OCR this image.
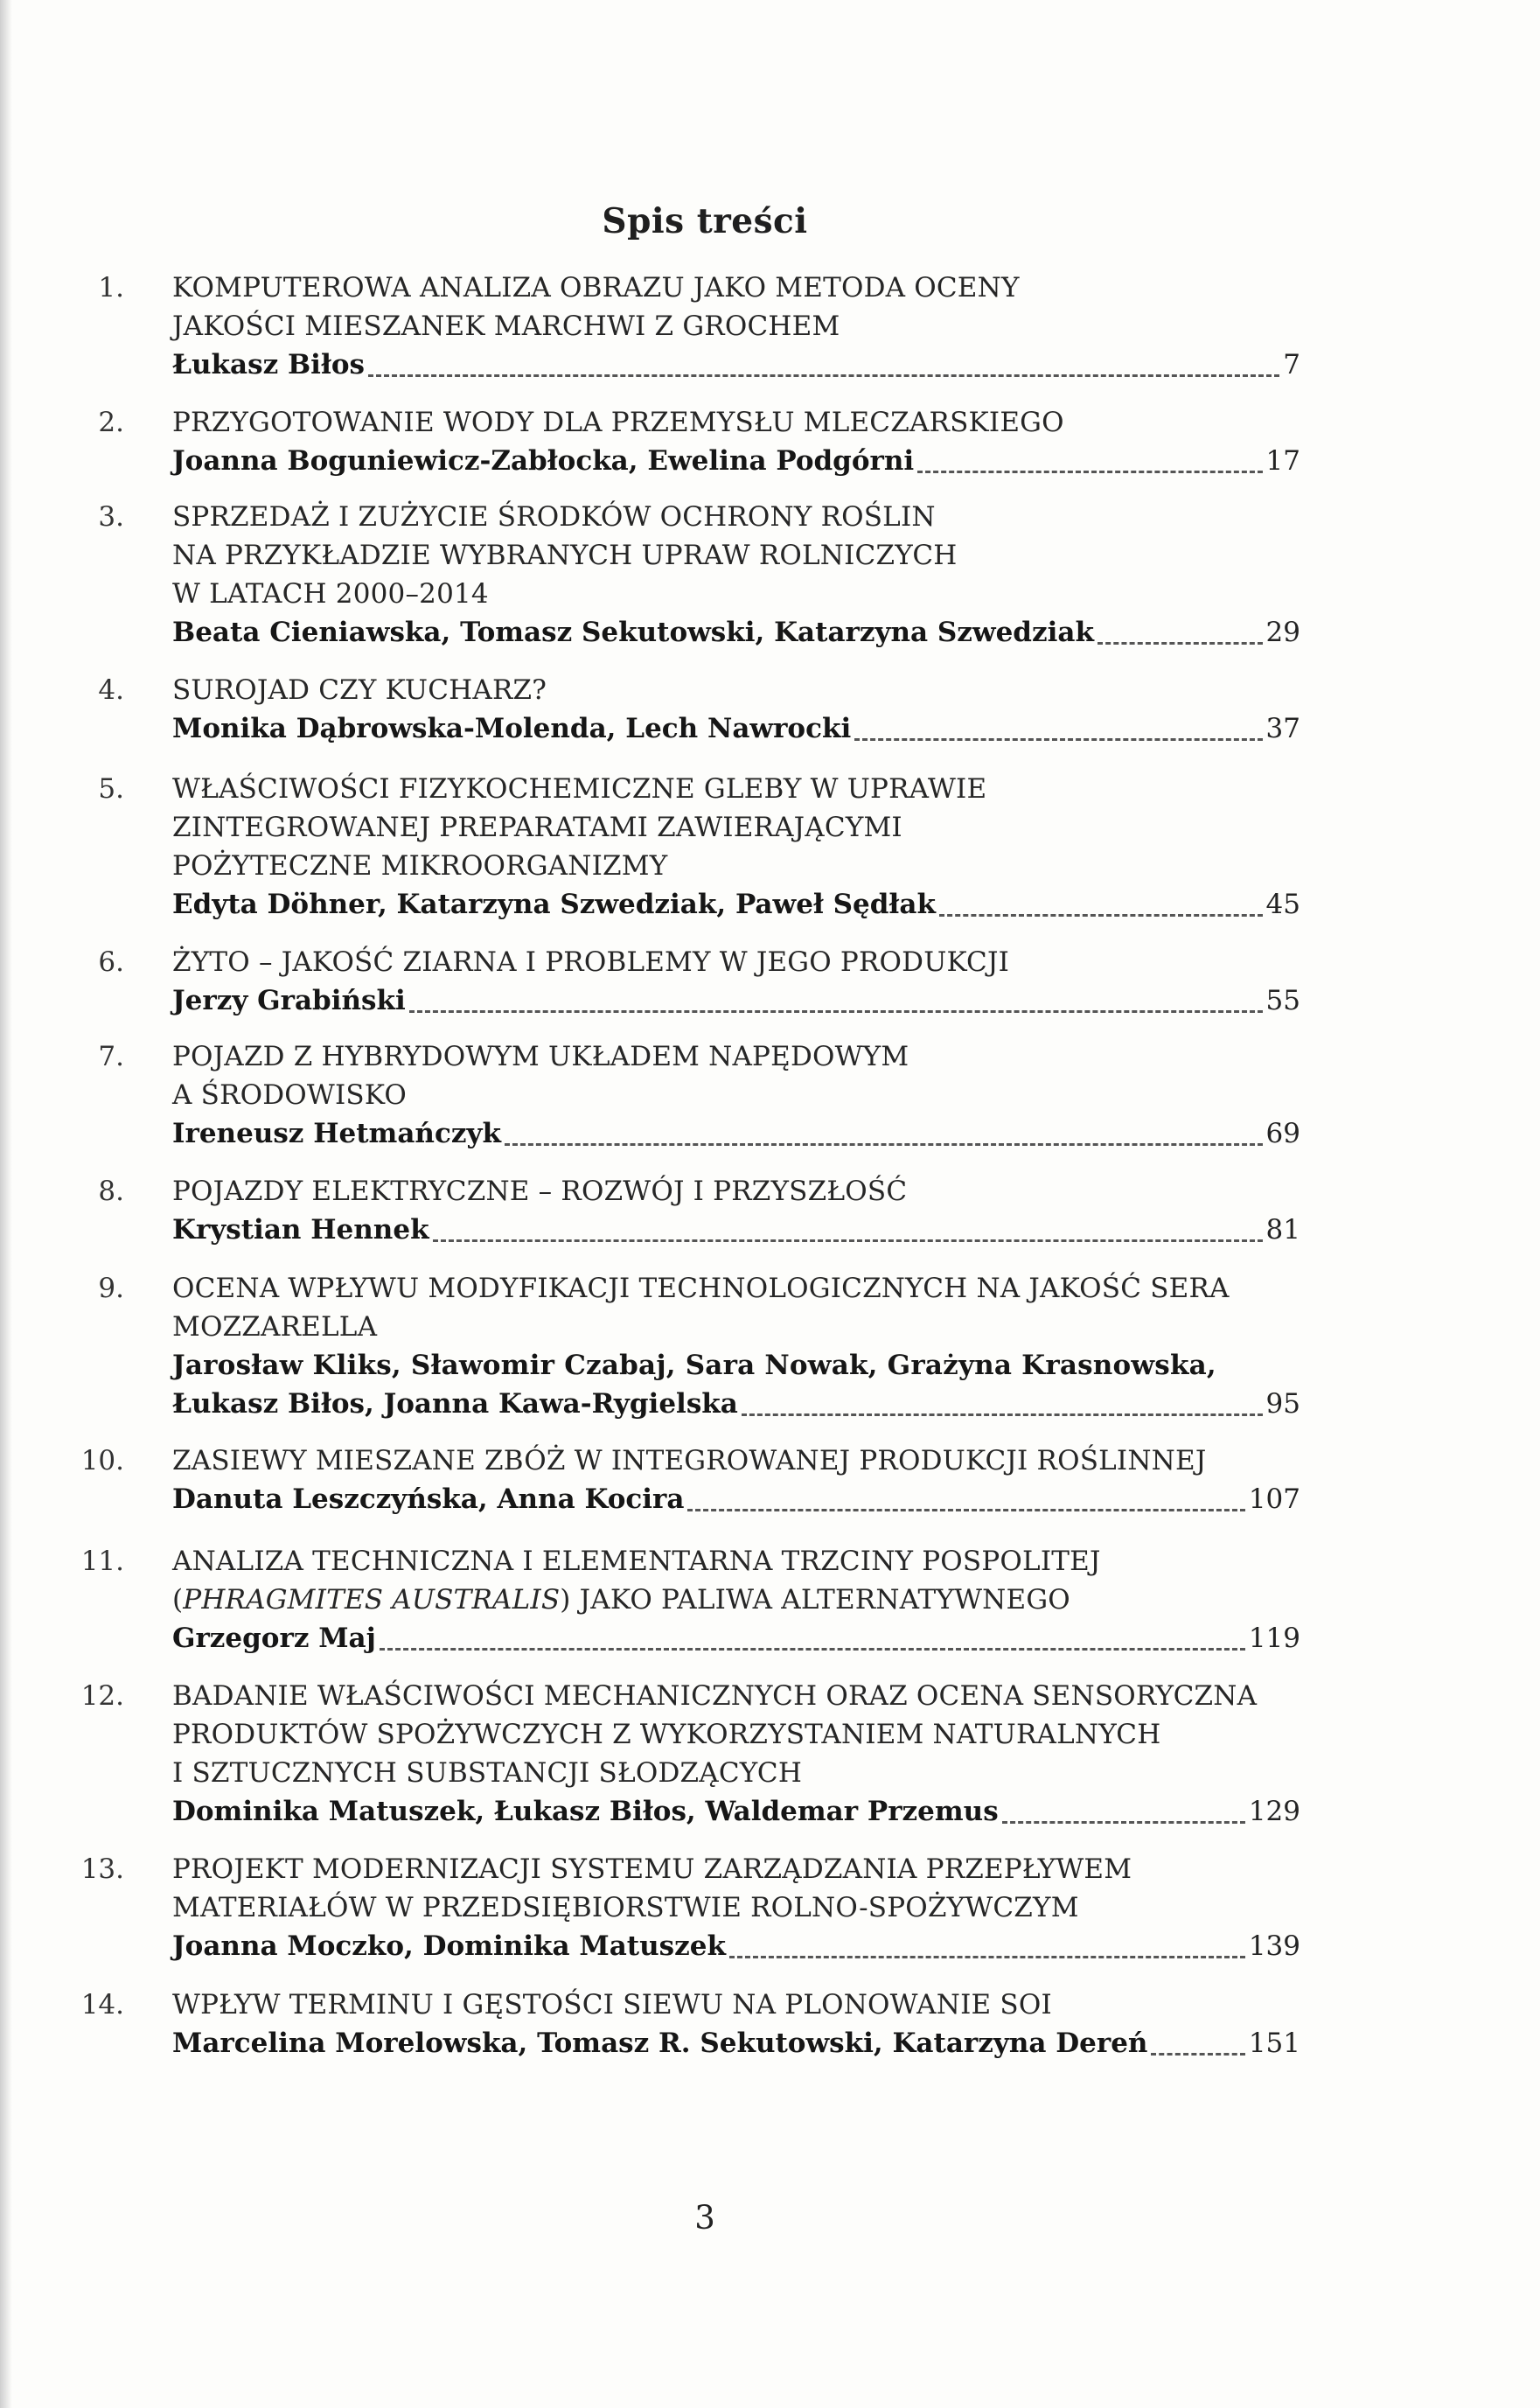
Spis treści
1. KOMPUTEROWA ANALIZA OBRAZU JAKO METODA OCENY
JAKOŚCI MIESZANEK MARCHWI Z GROCHEM
Łukasz Biłos	7
2. PRZYGOTOWANIE WODY DLA PRZEMYSŁU MLECZARSKIEGO
Joanna Boguniewicz-Zabłocka, Ewelina Podgórni	17
3. SPRZEDAŻ I ZUŻYCIE ŚRODKÓW OCHRONY ROŚLIN
NA PRZYKŁADZIE WYBRANYCH UPRAW ROLNICZYCH
W LATACH 2000–2014
Beata Cieniawska, Tomasz Sekutowski, Katarzyna Szwedziak	29
4. SUROJAD CZY KUCHARZ?
Monika Dąbrowska-Molenda, Lech Nawrocki	37
5. WŁAŚCIWOŚCI FIZYKOCHEMICZNE GLEBY W UPRAWIE
ZINTEGROWANEJ PREPARATAMI ZAWIERAJĄCYMI
POŻYTECZNE MIKROORGANIZMY
Edyta Döhner, Katarzyna Szwedziak, Paweł Sędłak	45
6. ŻYTO – JAKOŚĆ ZIARNA I PROBLEMY W JEGO PRODUKCJI
Jerzy Grabiński	55
7. POJAZD Z HYBRYDOWYM UKŁADEM NAPĘDOWYM
A ŚRODOWISKO
Ireneusz Hetmańczyk	69
8. POJAZDY ELEKTRYCZNE – ROZWÓJ I PRZYSZŁOŚĆ
Krystian Hennek	81
9. OCENA WPŁYWU MODYFIKACJI TECHNOLOGICZNYCH NA JAKOŚĆ SERA
MOZZARELLA
Jarosław Kliks, Sławomir Czabaj, Sara Nowak, Grażyna Krasnowska,
Łukasz Biłos, Joanna Kawa-Rygielska	95
10. ZASIEWY MIESZANE ZBÓŻ W INTEGROWANEJ PRODUKCJI ROŚLINNEJ
Danuta Leszczyńska, Anna Kocira	107
11. ANALIZA TECHNICZNA I ELEMENTARNA TRZCINY POSPOLITEJ
(PHRAGMITES AUSTRALIS) JAKO PALIWA ALTERNATYWNEGO
Grzegorz Maj	119
12. BADANIE WŁAŚCIWOŚCI MECHANICZNYCH ORAZ OCENA SENSORYCZNA
PRODUKTÓW SPOŻYWCZYCH Z WYKORZYSTANIEM NATURALNYCH
I SZTUCZNYCH SUBSTANCJI SŁODZĄCYCH
Dominika Matuszek, Łukasz Biłos, Waldemar Przemus	129
13. PROJEKT MODERNIZACJI SYSTEMU ZARZĄDZANIA PRZEPŁYWEM
MATERIAŁÓW W PRZEDSIĘBIORSTWIE ROLNO-SPOŻYWCZYM
Joanna Moczko, Dominika Matuszek	139
14. WPŁYW TERMINU I GĘSTOŚCI SIEWU NA PLONOWANIE SOI
Marcelina Morelowska, Tomasz R. Sekutowski, Katarzyna Dereń	151
3
